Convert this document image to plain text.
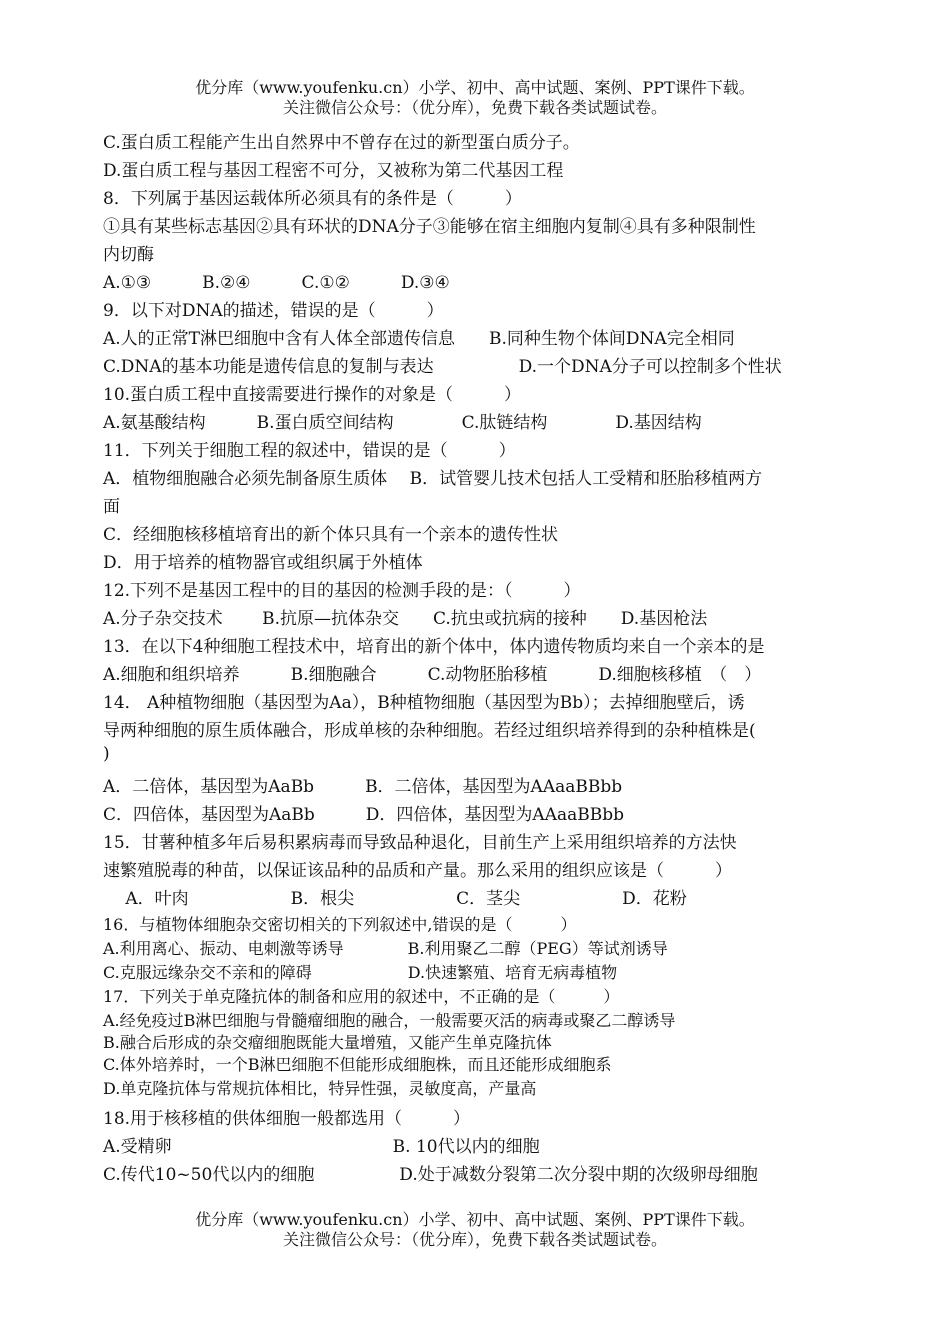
优分库（www.youfenku.cn）小学、初中、高中试题、案例、PPT课件下载。
关注微信公众号：（优分库），免费下载各类试题试卷。
C.蛋白质工程能产生出自然界中不曾存在过的新型蛋白质分子。
D.蛋白质工程与基因工程密不可分，又被称为第二代基因工程
8．下列属于基因运载体所必须具有的条件是（　　　）
①具有某些标志基因②具有环状的DNA分子③能够在宿主细胞内复制④具有多种限制性
内切酶
A.①③　　　B.②④　　　C.①②　　　D.③④
9．以下对DNA的描述，错误的是（　　　）
A.人的正常T淋巴细胞中含有人体全部遗传信息　　B.同种生物个体间DNA完全相同
C.DNA的基本功能是遗传信息的复制与表达　　　　　D.一个DNA分子可以控制多个性状
10.蛋白质工程中直接需要进行操作的对象是（　　　）
A.氨基酸结构　　　B.蛋白质空间结构　　　　C.肽链结构　　　　D.基因结构
11．下列关于细胞工程的叙述中，错误的是（　　　）
A．植物细胞融合必须先制备原生质体　 B．试管婴儿技术包括人工受精和胚胎移植两方
面
C．经细胞核移植培育出的新个体只具有一个亲本的遗传性状
D．用于培养的植物器官或组织属于外植体
12.下列不是基因工程中的目的基因的检测手段的是：（　　　）
A.分子杂交技术　　 B.抗原—抗体杂交　　C.抗虫或抗病的接种　　D.基因枪法
13．在以下4种细胞工程技术中，培育出的新个体中，体内遗传物质均来自一个亲本的是
A.细胞和组织培养　　　B.细胞融合　　　C.动物胚胎移植　　　D.细胞核移植　（　）
14． A种植物细胞（基因型为Aa），B种植物细胞（基因型为Bb）；去掉细胞壁后，诱
导两种细胞的原生质体融合，形成单核的杂种细胞。若经过组织培养得到的杂种植株是(
)
A．二倍体，基因型为AaBb　　　B．二倍体，基因型为AAaaBBbb
C．四倍体，基因型为AaBb　　　D．四倍体，基因型为AAaaBBbb
15．甘薯种植多年后易积累病毒而导致品种退化，目前生产上采用组织培养的方法快
速繁殖脱毒的种苗，以保证该品种的品质和产量。那么采用的组织应该是（　　　）
　 A．叶肉　　　　　　B．根尖　　　　　　C．茎尖　　　　　　D．花粉
16．与植物体细胞杂交密切相关的下列叙述中,错误的是（　　　）
A.利用离心、振动、电刺激等诱导　　　　B.利用聚乙二醇（PEG）等试剂诱导
C.克服远缘杂交不亲和的障碍　　　　　　D.快速繁殖、培育无病毒植物
17．下列关于单克隆抗体的制备和应用的叙述中，不正确的是（　　　）
A.经免疫过B淋巴细胞与骨髓瘤细胞的融合，一般需要灭活的病毒或聚乙二醇诱导
B.融合后形成的杂交瘤细胞既能大量增殖，又能产生单克隆抗体
C.体外培养时，一个B淋巴细胞不但能形成细胞株，而且还能形成细胞系
D.单克隆抗体与常规抗体相比，特异性强，灵敏度高，产量高
18.用于核移植的供体细胞一般都选用（　　　）
A.受精卵　　　　　　　　　　　　　B. 10代以内的细胞
C.传代10~50代以内的细胞　　　　　D.处于减数分裂第二次分裂中期的次级卵母细胞
优分库（www.youfenku.cn）小学、初中、高中试题、案例、PPT课件下载。
关注微信公众号：（优分库），免费下载各类试题试卷。
